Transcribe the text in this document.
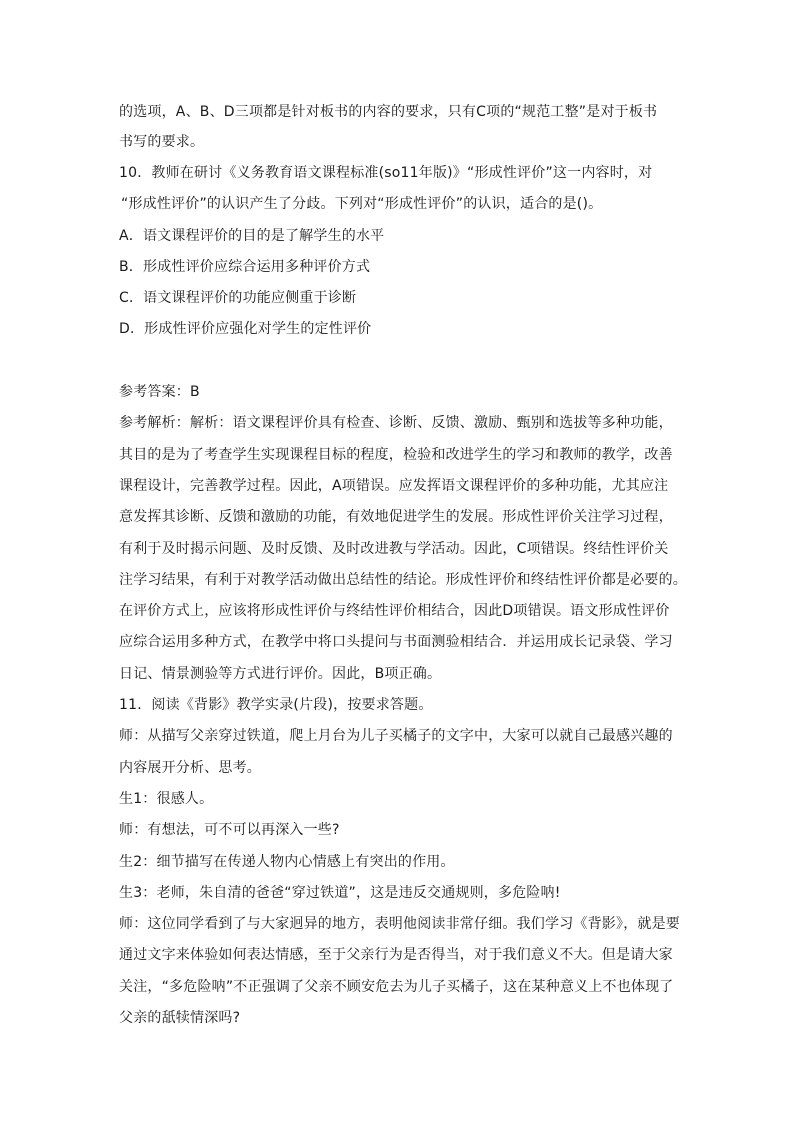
的选项，A、B、D三项都是针对板书的内容的要求，只有C项的“规范工整”是对于板书
书写的要求。
10．教师在研讨《义务教育语文课程标准(so11年版)》“形成性评价”这一内容时，对
“形成性评价”的认识产生了分歧。下列对“形成性评价”的认识，适合的是()。
A．语文课程评价的目的是了解学生的水平
B．形成性评价应综合运用多种评价方式
C．语文课程评价的功能应侧重于诊断
D．形成性评价应强化对学生的定性评价
参考答案：B
参考解析：解析：语文课程评价具有检查、诊断、反馈、激励、甄别和选拔等多种功能，
其目的是为了考查学生实现课程目标的程度，检验和改进学生的学习和教师的教学，改善
课程设计，完善教学过程。因此，A项错误。应发挥语文课程评价的多种功能，尤其应注
意发挥其诊断、反馈和激励的功能，有效地促进学生的发展。形成性评价关注学习过程，
有利于及时揭示问题、及时反馈、及时改进教与学活动。因此，C项错误。终结性评价关
注学习结果，有利于对教学活动做出总结性的结论。形成性评价和终结性评价都是必要的。
在评价方式上，应该将形成性评价与终结性评价相结合，因此D项错误。语文形成性评价
应综合运用多种方式，在教学中将口头提问与书面测验相结合．并运用成长记录袋、学习
日记、情景测验等方式进行评价。因此，B项正确。
11．阅读《背影》教学实录(片段)，按要求答题。
师：从描写父亲穿过铁道，爬上月台为儿子买橘子的文字中，大家可以就自己最感兴趣的
内容展开分析、思考。
生1：很感人。
师：有想法，可不可以再深入一些?
生2：细节描写在传递人物内心情感上有突出的作用。
生3：老师，朱自清的爸爸“穿过铁道”，这是违反交通规则，多危险呐!
师：这位同学看到了与大家迥异的地方，表明他阅读非常仔细。我们学习《背影》，就是要
通过文字来体验如何表达情感，至于父亲行为是否得当，对于我们意义不大。但是请大家
关注，“多危险呐”不正强调了父亲不顾安危去为儿子买橘子，这在某种意义上不也体现了
父亲的舐犊情深吗?
